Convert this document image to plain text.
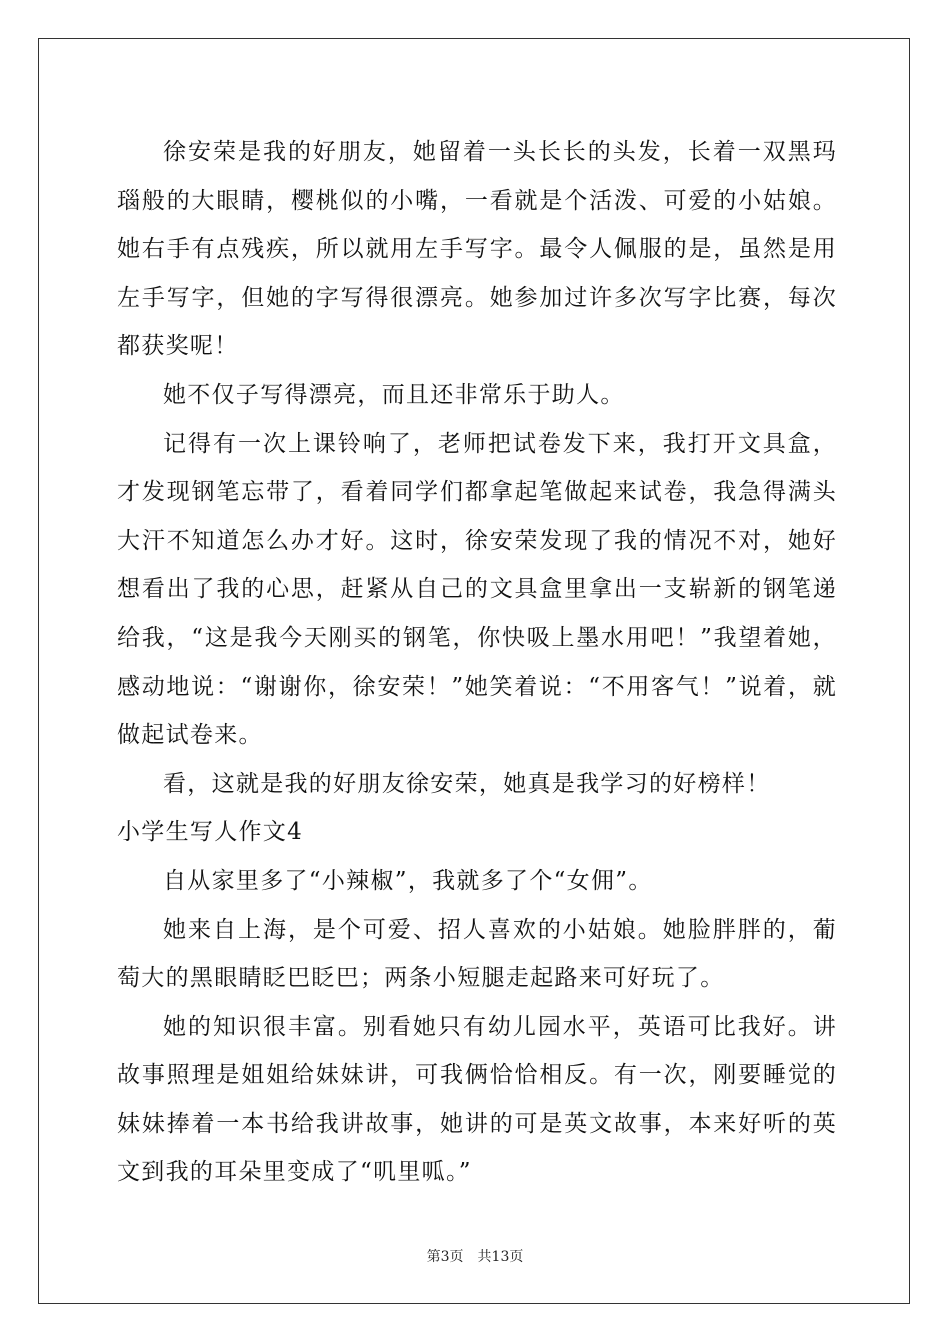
徐安荣是我的好朋友，她留着一头长长的头发，长着一双黑玛瑙般的大眼睛，樱桃似的小嘴，一看就是个活泼、可爱的小姑娘。她右手有点残疾，所以就用左手写字。最令人佩服的是，虽然是用左手写字，但她的字写得很漂亮。她参加过许多次写字比赛，每次都获奖呢！

她不仅子写得漂亮，而且还非常乐于助人。

记得有一次上课铃响了，老师把试卷发下来，我打开文具盒，才发现钢笔忘带了，看着同学们都拿起笔做起来试卷，我急得满头大汗不知道怎么办才好。这时，徐安荣发现了我的情况不对，她好想看出了我的心思，赶紧从自己的文具盒里拿出一支崭新的钢笔递给我，“这是我今天刚买的钢笔，你快吸上墨水用吧！”我望着她，感动地说：“谢谢你，徐安荣！”她笑着说：“不用客气！”说着，就做起试卷来。

看，这就是我的好朋友徐安荣，她真是我学习的好榜样！

小学生写人作文4

自从家里多了“小辣椒”，我就多了个“女佣”。

她来自上海，是个可爱、招人喜欢的小姑娘。她脸胖胖的，葡萄大的黑眼睛眨巴眨巴；两条小短腿走起路来可好玩了。

她的知识很丰富。别看她只有幼儿园水平，英语可比我好。讲故事照理是姐姐给妹妹讲，可我俩恰恰相反。有一次，刚要睡觉的妹妹捧着一本书给我讲故事，她讲的可是英文故事，本来好听的英文到我的耳朵里变成了“叽里呱。”

第3页 共13页
